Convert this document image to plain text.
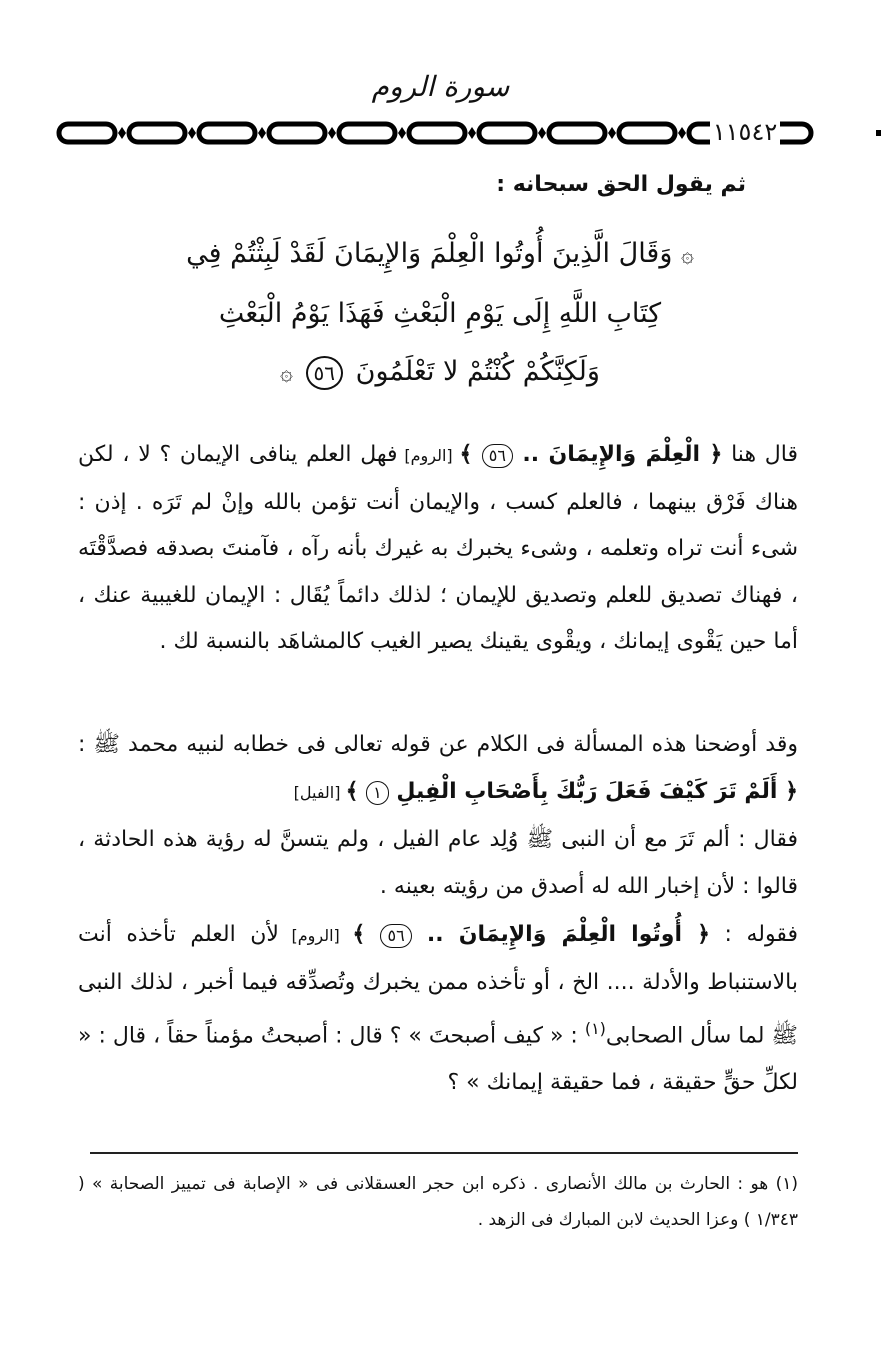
سورة الروم
١١٥٤٢
ثم يقول الحق سبحانه :
۞ وَقَالَ الَّذِينَ أُوتُوا الْعِلْمَ وَالإِيمَانَ لَقَدْ لَبِثْتُمْ فِي
كِتَابِ اللَّهِ إِلَى يَوْمِ الْبَعْثِ فَهَذَا يَوْمُ الْبَعْثِ
وَلَكِنَّكُمْ كُنْتُمْ لا تَعْلَمُونَ ٥٦ ۞

قال هنا ﴿ الْعِلْمَ وَالإِيمَانَ .. ٥٦ ﴾ [الروم] فهل العلم ينافى الإيمان ؟ لا ، لكن هناك فَرْق بينهما ، فالعلم كسب ، والإيمان أنت تؤمن بالله وإنْ لم تَرَه . إذن : شىء أنت تراه وتعلمه ، وشىء يخبرك به غيرك بأنه رآه ، فآمنتَ بصدقه فصدَّقْتَه ، فهناك تصديق للعلم وتصديق للإيمان ؛ لذلك دائماً يُقَال : الإيمان للغيبية عنك ، أما حين يَقْوى إيمانك ، ويقْوى يقينك يصير الغيب كالمشاهَد بالنسبة لك .

وقد أوضحنا هذه المسألة فى الكلام عن قوله تعالى فى خطابه لنبيه محمد ﷺ : ﴿ أَلَمْ تَرَ كَيْفَ فَعَلَ رَبُّكَ بِأَصْحَابِ الْفِيلِ ١ ﴾ [الفيل]

فقال : ألم تَرَ مع أن النبى ﷺ وُلِد عام الفيل ، ولم يتسنَّ له رؤية هذه الحادثة ، قالوا : لأن إخبار الله له أصدق من رؤيته بعينه .

فقوله : ﴿ أُوتُوا الْعِلْمَ وَالإِيمَانَ .. ٥٦ ﴾ [الروم] لأن العلم تأخذه أنت بالاستنباط والأدلة .... الخ ، أو تأخذه ممن يخبرك وتُصدِّقه فيما أخبر ، لذلك النبى ﷺ لما سأل الصحابى$^{(١)}$ : « كيف أصبحتَ » ؟ قال : أصبحتُ مؤمناً حقاً ، قال : « لكلِّ حقٍّ حقيقة ، فما حقيقة إيمانك » ؟

(١) هو : الحارث بن مالك الأنصارى . ذكره ابن حجر العسقلانى فى « الإصابة فى تمييز الصحابة » ( ١/٣٤٣ ) وعزا الحديث لابن المبارك فى الزهد .
